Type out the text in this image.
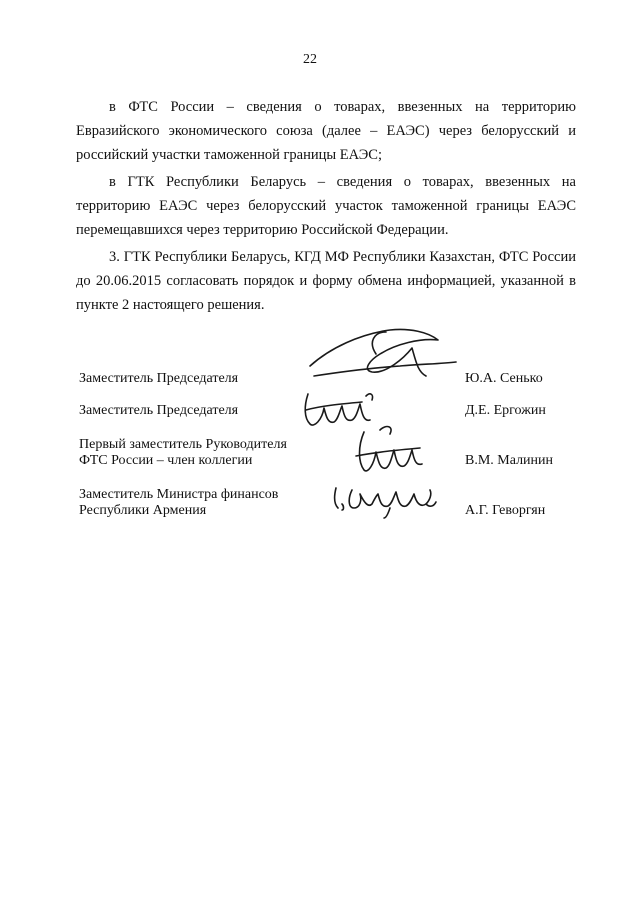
22

в ФТС России – сведения о товарах, ввезенных на территорию Евразийского экономического союза (далее – ЕАЭС) через белорусский и российский участки таможенной границы ЕАЭС;

в ГТК Республики Беларусь – сведения о товарах, ввезенных на территорию ЕАЭС через белорусский участок таможенной границы ЕАЭС перемещавшихся через территорию Российской Федерации.

3. ГТК Республики Беларусь, КГД МФ Республики Казахстан, ФТС России до 20.06.2015 согласовать порядок и форму обмена информацией, указанной в пункте 2 настоящего решения.

Заместитель Председателя	Ю.А. Сенько
Заместитель Председателя	Д.Е. Ергожин
Первый заместитель Руководителя
ФТС России – член коллегии	В.М. Малинин
Заместитель Министра финансов
Республики Армения	А.Г. Геворгян
